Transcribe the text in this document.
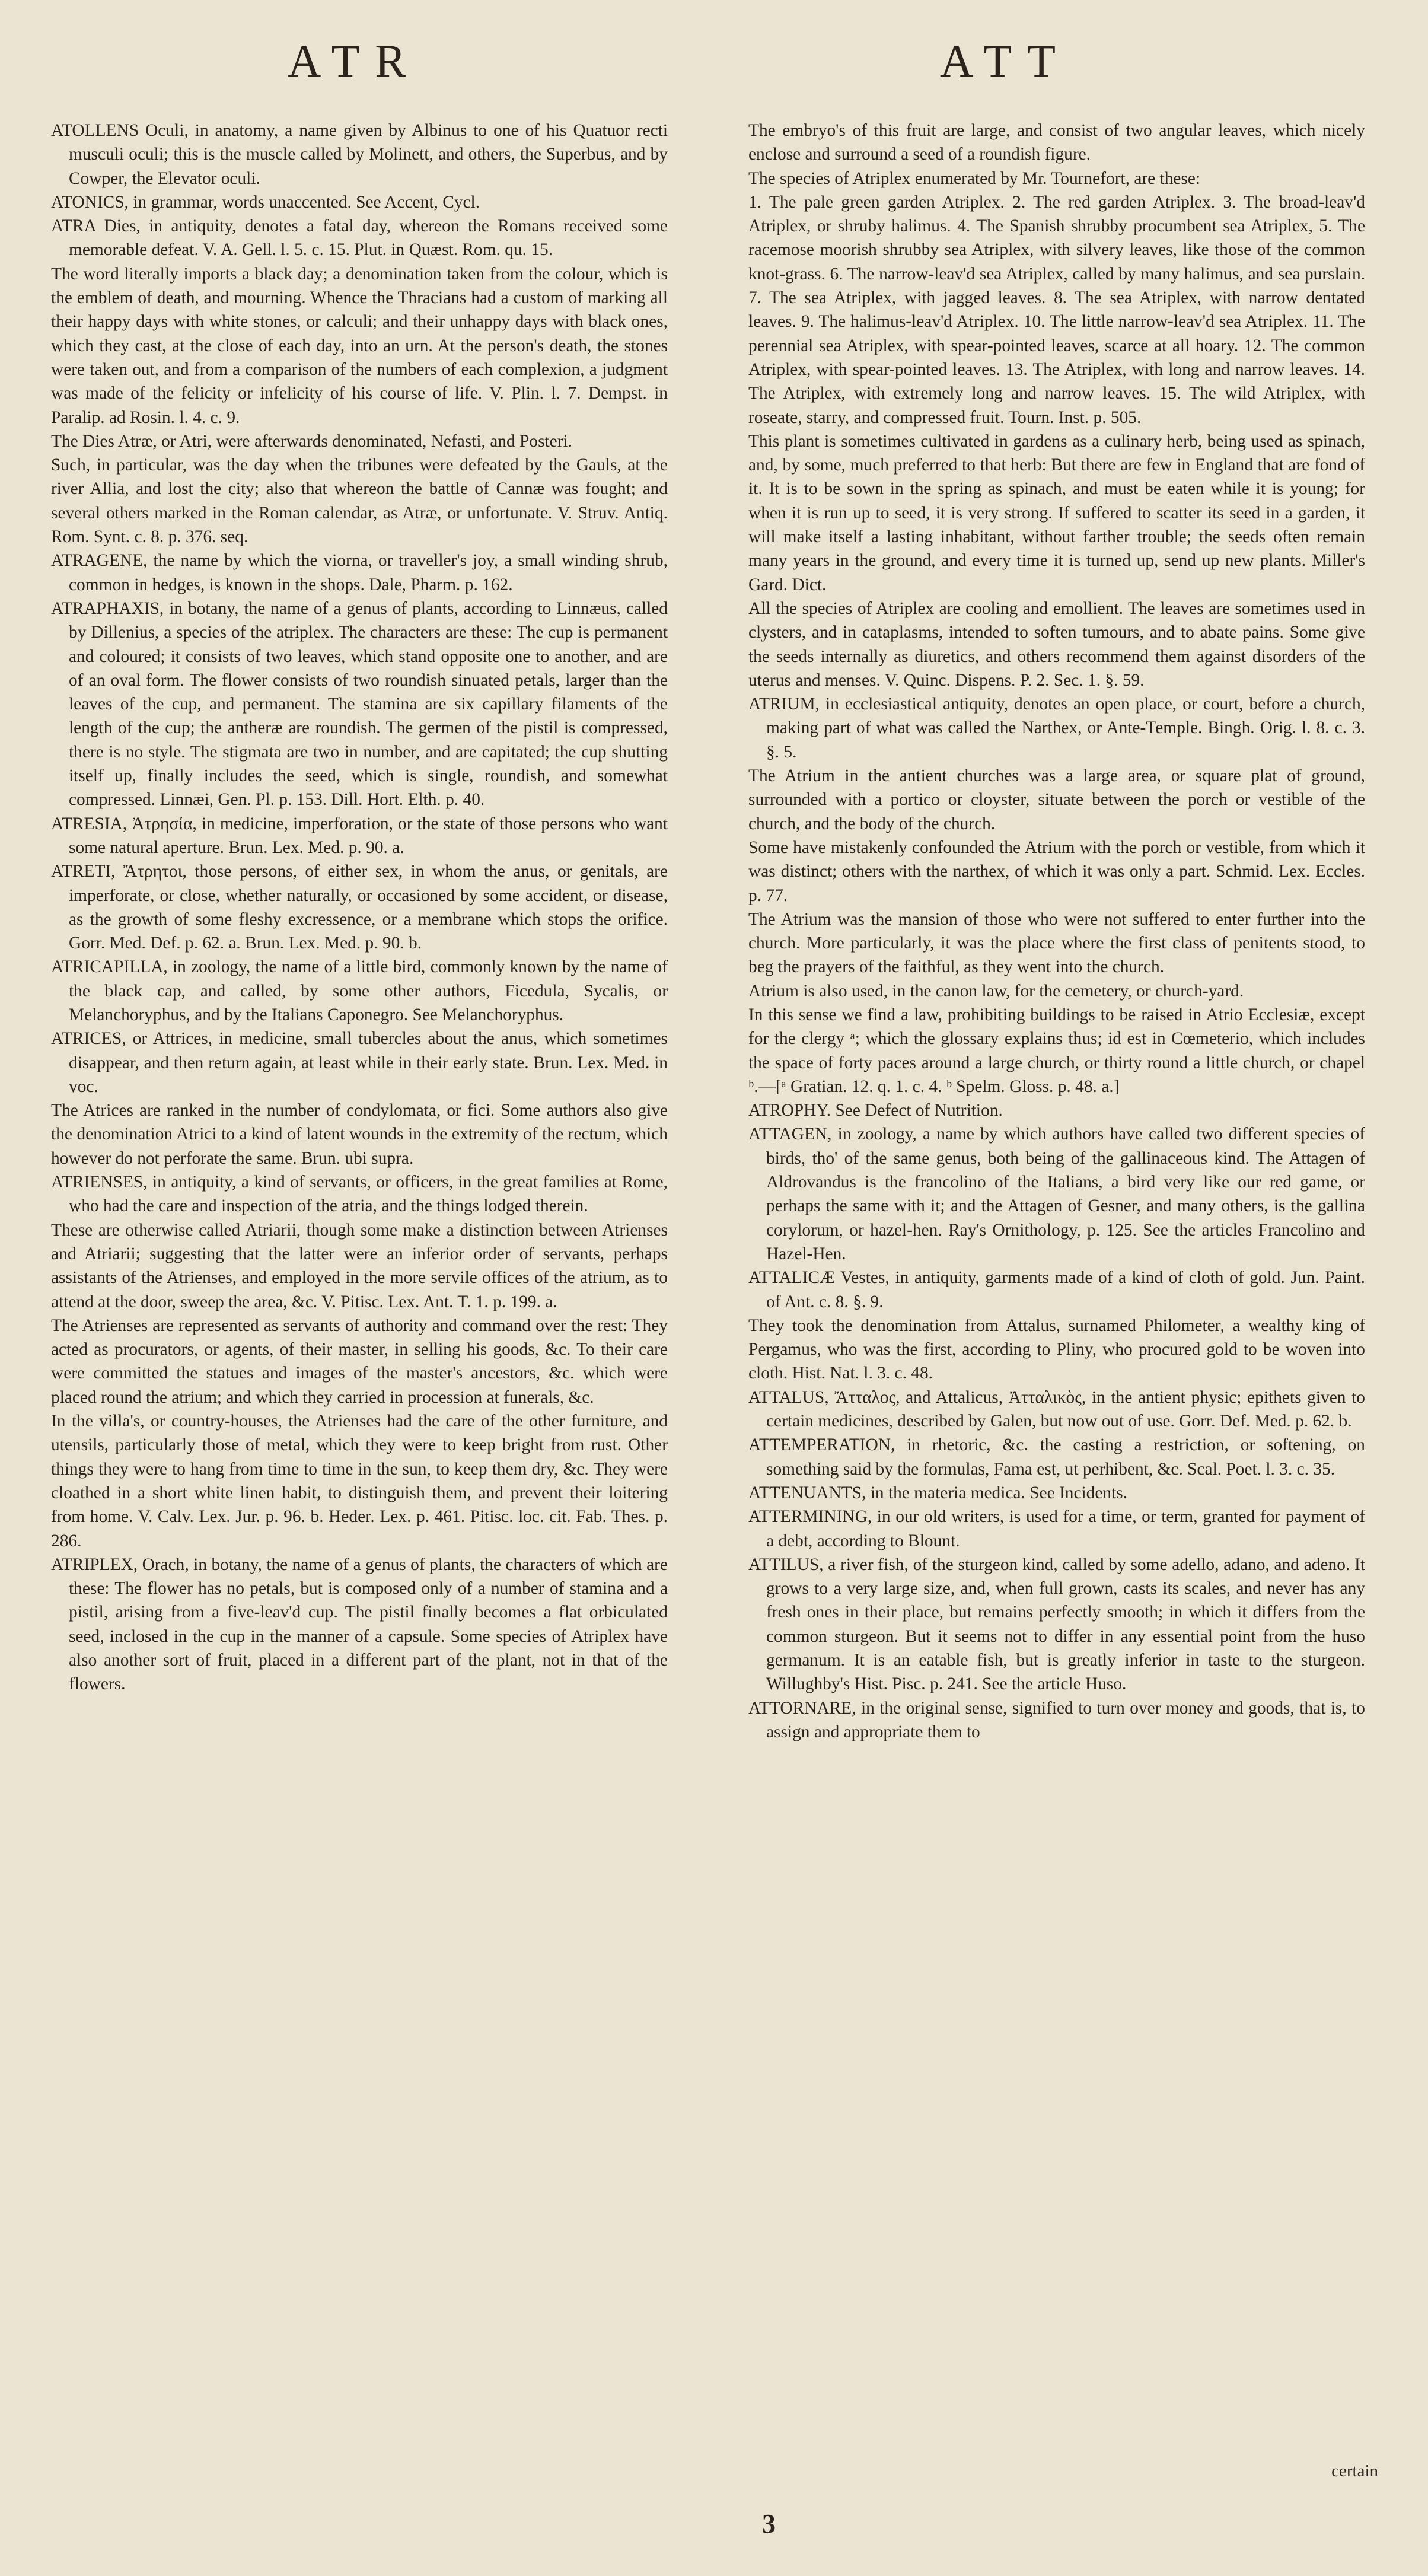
ATR	ATT

ATOLLENS Oculi, in anatomy, a name given by Albinus to one of his Quatuor recti musculi oculi; this is the muscle called by Molinett, and others, the Superbus, and by Cowper, the Elevator oculi.

ATONICS, in grammar, words unaccented. See Accent, Cycl.

ATRA Dies, in antiquity, denotes a fatal day, whereon the Romans received some memorable defeat. V. A. Gell. l. 5. c. 15. Plut. in Quæst. Rom. qu. 15.

The word literally imports a black day; a denomination taken from the colour, which is the emblem of death, and mourning. Whence the Thracians had a custom of marking all their happy days with white stones, or calculi; and their unhappy days with black ones, which they cast, at the close of each day, into an urn. At the person's death, the stones were taken out, and from a comparison of the numbers of each complexion, a judgment was made of the felicity or infelicity of his course of life. V. Plin. l. 7. Dempst. in Paralip. ad Rosin. l. 4. c. 9.

The Dies Atræ, or Atri, were afterwards denominated, Nefasti, and Posteri.

Such, in particular, was the day when the tribunes were defeated by the Gauls, at the river Allia, and lost the city; also that whereon the battle of Cannæ was fought; and several others marked in the Roman calendar, as Atræ, or unfortunate. V. Struv. Antiq. Rom. Synt. c. 8. p. 376. seq.

ATRAGENE, the name by which the viorna, or traveller's joy, a small winding shrub, common in hedges, is known in the shops. Dale, Pharm. p. 162.

ATRAPHAXIS, in botany, the name of a genus of plants, according to Linnæus, called by Dillenius, a species of the atriplex. The characters are these: The cup is permanent and coloured; it consists of two leaves, which stand opposite one to another, and are of an oval form. The flower consists of two roundish sinuated petals, larger than the leaves of the cup, and permanent. The stamina are six capillary filaments of the length of the cup; the antheræ are roundish. The germen of the pistil is compressed, there is no style. The stigmata are two in number, and are capitated; the cup shutting itself up, finally includes the seed, which is single, roundish, and somewhat compressed. Linnæi, Gen. Pl. p. 153. Dill. Hort. Elth. p. 40.

ATRESIA, Ἀτρησία, in medicine, imperforation, or the state of those persons who want some natural aperture. Brun. Lex. Med. p. 90. a.

ATRETI, Ἄτρητοι, those persons, of either sex, in whom the anus, or genitals, are imperforate, or close, whether naturally, or occasioned by some accident, or disease, as the growth of some fleshy excressence, or a membrane which stops the orifice. Gorr. Med. Def. p. 62. a. Brun. Lex. Med. p. 90. b.

ATRICAPILLA, in zoology, the name of a little bird, commonly known by the name of the black cap, and called, by some other authors, Ficedula, Sycalis, or Melanchoryphus, and by the Italians Caponegro. See Melanchoryphus.

ATRICES, or Attrices, in medicine, small tubercles about the anus, which sometimes disappear, and then return again, at least while in their early state. Brun. Lex. Med. in voc.

The Atrices are ranked in the number of condylomata, or fici. Some authors also give the denomination Atrici to a kind of latent wounds in the extremity of the rectum, which however do not perforate the same. Brun. ubi supra.

ATRIENSES, in antiquity, a kind of servants, or officers, in the great families at Rome, who had the care and inspection of the atria, and the things lodged therein.

These are otherwise called Atriarii, though some make a distinction between Atrienses and Atriarii; suggesting that the latter were an inferior order of servants, perhaps assistants of the Atrienses, and employed in the more servile offices of the atrium, as to attend at the door, sweep the area, &c. V. Pitisc. Lex. Ant. T. 1. p. 199. a.

The Atrienses are represented as servants of authority and command over the rest: They acted as procurators, or agents, of their master, in selling his goods, &c. To their care were committed the statues and images of the master's ancestors, &c. which were placed round the atrium; and which they carried in procession at funerals, &c.

In the villa's, or country-houses, the Atrienses had the care of the other furniture, and utensils, particularly those of metal, which they were to keep bright from rust. Other things they were to hang from time to time in the sun, to keep them dry, &c. They were cloathed in a short white linen habit, to distinguish them, and prevent their loitering from home. V. Calv. Lex. Jur. p. 96. b. Heder. Lex. p. 461. Pitisc. loc. cit. Fab. Thes. p. 286.

ATRIPLEX, Orach, in botany, the name of a genus of plants, the characters of which are these: The flower has no petals, but is composed only of a number of stamina and a pistil, arising from a five-leav'd cup. The pistil finally becomes a flat orbiculated seed, inclosed in the cup in the manner of a capsule. Some species of Atriplex have also another sort of fruit, placed in a different part of the plant, not in that of the flowers.

The embryo's of this fruit are large, and consist of two angular leaves, which nicely enclose and surround a seed of a roundish figure.

The species of Atriplex enumerated by Mr. Tournefort, are these:

1. The pale green garden Atriplex. 2. The red garden Atriplex. 3. The broad-leav'd Atriplex, or shruby halimus. 4. The Spanish shrubby procumbent sea Atriplex, 5. The racemose moorish shrubby sea Atriplex, with silvery leaves, like those of the common knot-grass. 6. The narrow-leav'd sea Atriplex, called by many halimus, and sea purslain. 7. The sea Atriplex, with jagged leaves. 8. The sea Atriplex, with narrow dentated leaves. 9. The halimus-leav'd Atriplex. 10. The little narrow-leav'd sea Atriplex. 11. The perennial sea Atriplex, with spear-pointed leaves, scarce at all hoary. 12. The common Atriplex, with spear-pointed leaves. 13. The Atriplex, with long and narrow leaves. 14. The Atriplex, with extremely long and narrow leaves. 15. The wild Atriplex, with roseate, starry, and compressed fruit. Tourn. Inst. p. 505.

This plant is sometimes cultivated in gardens as a culinary herb, being used as spinach, and, by some, much preferred to that herb: But there are few in England that are fond of it. It is to be sown in the spring as spinach, and must be eaten while it is young; for when it is run up to seed, it is very strong. If suffered to scatter its seed in a garden, it will make itself a lasting inhabitant, without farther trouble; the seeds often remain many years in the ground, and every time it is turned up, send up new plants. Miller's Gard. Dict.

All the species of Atriplex are cooling and emollient. The leaves are sometimes used in clysters, and in cataplasms, intended to soften tumours, and to abate pains. Some give the seeds internally as diuretics, and others recommend them against disorders of the uterus and menses. V. Quinc. Dispens. P. 2. Sec. 1. §. 59.

ATRIUM, in ecclesiastical antiquity, denotes an open place, or court, before a church, making part of what was called the Narthex, or Ante-Temple. Bingh. Orig. l. 8. c. 3. §. 5.

The Atrium in the antient churches was a large area, or square plat of ground, surrounded with a portico or cloyster, situate between the porch or vestible of the church, and the body of the church.

Some have mistakenly confounded the Atrium with the porch or vestible, from which it was distinct; others with the narthex, of which it was only a part. Schmid. Lex. Eccles. p. 77.

The Atrium was the mansion of those who were not suffered to enter further into the church. More particularly, it was the place where the first class of penitents stood, to beg the prayers of the faithful, as they went into the church.

Atrium is also used, in the canon law, for the cemetery, or church-yard.

In this sense we find a law, prohibiting buildings to be raised in Atrio Ecclesiæ, except for the clergy ᵃ; which the glossary explains thus; id est in Cœmeterio, which includes the space of forty paces around a large church, or thirty round a little church, or chapel ᵇ.—[ᵃ Gratian. 12. q. 1. c. 4. ᵇ Spelm. Gloss. p. 48. a.]

ATROPHY. See Defect of Nutrition.

ATTAGEN, in zoology, a name by which authors have called two different species of birds, tho' of the same genus, both being of the gallinaceous kind. The Attagen of Aldrovandus is the francolino of the Italians, a bird very like our red game, or perhaps the same with it; and the Attagen of Gesner, and many others, is the gallina corylorum, or hazel-hen. Ray's Ornithology, p. 125. See the articles Francolino and Hazel-Hen.

ATTALICÆ Vestes, in antiquity, garments made of a kind of cloth of gold. Jun. Paint. of Ant. c. 8. §. 9.

They took the denomination from Attalus, surnamed Philometer, a wealthy king of Pergamus, who was the first, according to Pliny, who procured gold to be woven into cloth. Hist. Nat. l. 3. c. 48.

ATTALUS, Ἄτταλος, and Attalicus, Ἀτταλικὸς, in the antient physic; epithets given to certain medicines, described by Galen, but now out of use. Gorr. Def. Med. p. 62. b.

ATTEMPERATION, in rhetoric, &c. the casting a restriction, or softening, on something said by the formulas, Fama est, ut perhibent, &c. Scal. Poet. l. 3. c. 35.

ATTENUANTS, in the materia medica. See Incidents.

ATTERMINING, in our old writers, is used for a time, or term, granted for payment of a debt, according to Blount.

ATTILUS, a river fish, of the sturgeon kind, called by some adello, adano, and adeno. It grows to a very large size, and, when full grown, casts its scales, and never has any fresh ones in their place, but remains perfectly smooth; in which it differs from the common sturgeon. But it seems not to differ in any essential point from the huso germanum. It is an eatable fish, but is greatly inferior in taste to the sturgeon. Willughby's Hist. Pisc. p. 241. See the article Huso.

ATTORNARE, in the original sense, signified to turn over money and goods, that is, to assign and appropriate them to

certain
3
